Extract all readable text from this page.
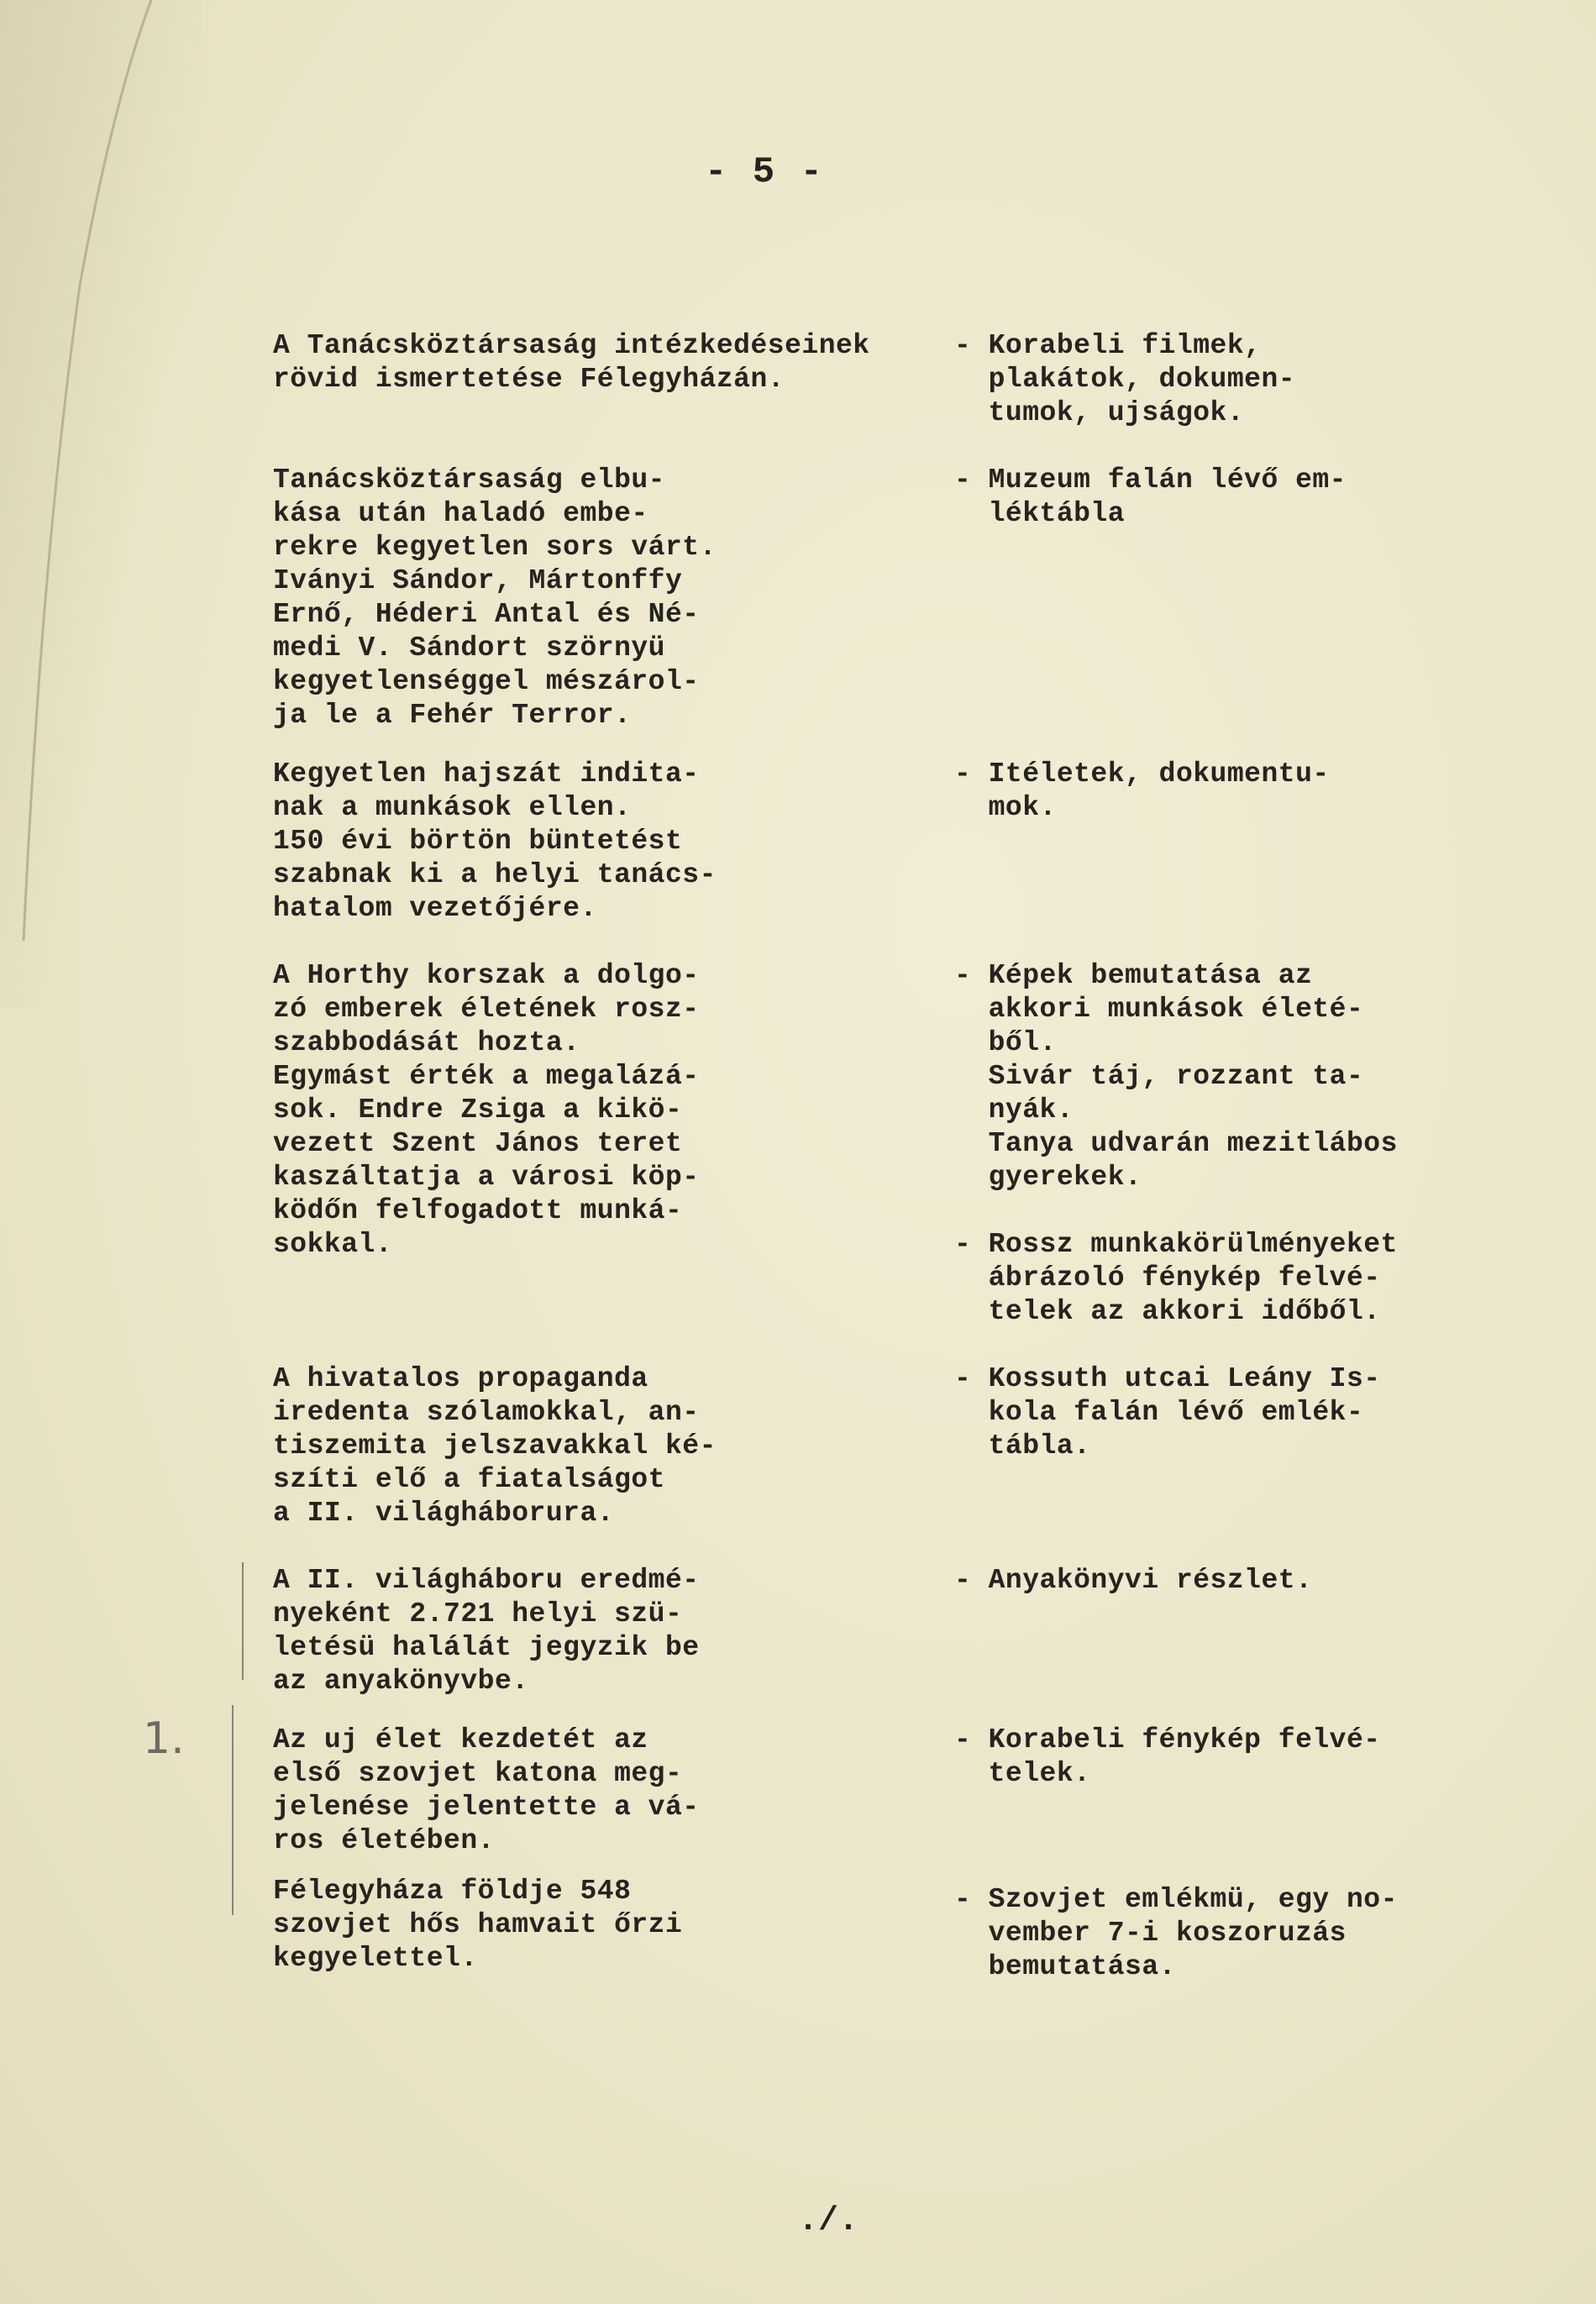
- 5 -
A Tanácsköztársaság intézkedéseinek
rövid ismertetése Félegyházán.
- Korabeli filmek,
plakátok, dokumen-
tumok, ujságok.
Tanácsköztársaság elbu-
kása után haladó embe-
rekre kegyetlen sors várt.
Iványi Sándor, Mártonffy
Ernő, Héderi Antal és Né-
medi V. Sándort szörnyü
kegyetlenséggel mészárol-
ja le a Fehér Terror.
- Muzeum falán lévő em-
léktábla
Kegyetlen hajszát indita-
nak a munkások ellen.
150 évi börtön büntetést
szabnak ki a helyi tanács-
hatalom vezetőjére.
- Itéletek, dokumentu-
mok.
A Horthy korszak a dolgo-
zó emberek életének rosz-
szabbodását hozta.
Egymást érték a megalázá-
sok. Endre Zsiga a kikö-
vezett Szent János teret
kaszáltatja a városi köp-
ködőn felfogadott munká-
sokkal.
- Képek bemutatása az
akkori munkások életé-
ből.
Sivár táj, rozzant ta-
nyák.
Tanya udvarán mezitlábos
gyerekek.
- Rossz munkakörülményeket
ábrázoló fénykép felvé-
telek az akkori időből.
A hivatalos propaganda
iredenta szólamokkal, an-
tiszemita jelszavakkal ké-
szíti elő a fiatalságot
a II. világháborura.
- Kossuth utcai Leány Is-
kola falán lévő emlék-
tábla.
A II. világháboru eredmé-
nyeként 2.721 helyi szü-
letésü halálát jegyzik be
az anyakönyvbe.
- Anyakönyvi részlet.
1.	Az uj élet kezdetét az
első szovjet katona meg-
jelenése jelentette a vá-
ros életében.
- Korabeli fénykép felvé-
telek.
Félegyháza földje 548
szovjet hős hamvait őrzi
kegyelettel.
- Szovjet emlékmü, egy no-
vember 7-i koszoruzás
bemutatása.
./.
